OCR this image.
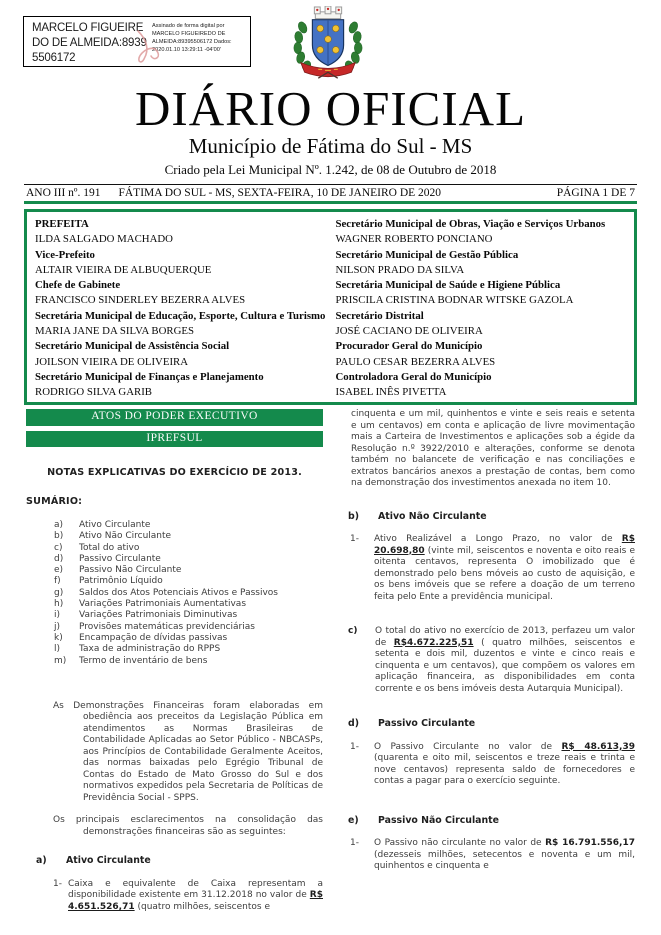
MARCELO FIGUEIREDO DE ALMEIDA:89395506172
Assinado de forma digital por MARCELO FIGUEIREDO DE ALMEIDA:89395506172 Dados: 2020.01.10 13:29:11 -04'00'
DIÁRIO OFICIAL
Município de Fátima do Sul - MS
Criado pela Lei Municipal Nº. 1.242, de 08 de Outubro de 2018
ANO III nº. 191 FÁTIMA DO SUL - MS, SEXTA-FEIRA, 10 DE JANEIRO DE 2020	PÁGINA 1 DE 7
PREFEITA
ILDA SALGADO MACHADO
Vice-Prefeito
ALTAIR VIEIRA DE ALBUQUERQUE
Chefe de Gabinete
FRANCISCO SINDERLEY BEZERRA ALVES
Secretária Municipal de Educação, Esporte, Cultura e Turismo
MARIA JANE DA SILVA BORGES
Secretário Municipal de Assistência Social
JOILSON VIEIRA DE OLIVEIRA
Secretário Municipal de Finanças e Planejamento
RODRIGO SILVA GARIB
Secretário Municipal de Obras, Viação e Serviços Urbanos
WAGNER ROBERTO PONCIANO
Secretário Municipal de Gestão Pública
NILSON PRADO DA SILVA
Secretária Municipal de Saúde e Higiene Pública
PRISCILA CRISTINA BODNAR WITSKE GAZOLA
Secretário Distrital
JOSÉ CACIANO DE OLIVEIRA
Procurador Geral do Município
PAULO CESAR BEZERRA ALVES
Controladora Geral do Município
ISABEL INÊS PIVETTA
ATOS DO PODER EXECUTIVO
IPREFSUL
NOTAS EXPLICATIVAS DO EXERCÍCIO DE 2013.
SUMÁRIO:
a)	Ativo Circulante
b)	Ativo Não Circulante
c)	Total do ativo
d)	Passivo Circulante
e)	Passivo Não Circulante
f)	Patrimônio Líquido
g)	Saldos dos Atos Potenciais Ativos e Passivos
h)	Variações Patrimoniais Aumentativas
i)	Variações Patrimoniais Diminutivas
j)	Provisões matemáticas previdenciárias
k)	Encampação de dívidas passivas
l)	Taxa de administração do RPPS
m)	Termo de inventário de bens
As Demonstrações Financeiras foram elaboradas em obediência aos preceitos da Legislação Pública em atendimentos as Normas Brasileiras de Contabilidade Aplicadas ao Setor Público - NBCASPs, aos Princípios de Contabilidade Geralmente Aceitos, das normas baixadas pelo Egrégio Tribunal de Contas do Estado de Mato Grosso do Sul e dos normativos expedidos pela Secretaria de Políticas de Previdência Social - SPPS.
Os principais esclarecimentos na consolidação das demonstrações financeiras são as seguintes:
a)	Ativo Circulante
1- Caixa e equivalente de Caixa representam a disponibilidade existente em 31.12.2018 no valor de R$ 4.651.526,71 (quatro milhões, seiscentos e
cinquenta e um mil, quinhentos e vinte e seis reais e setenta e um centavos) em conta e aplicação de livre movimentação mais a Carteira de Investimentos e aplicações sob a égide da Resolução n.º 3922/2010 e alterações, conforme se denota também no balancete de verificação e nas conciliações e extratos bancários anexos a prestação de contas, bem como na demonstração dos investimentos anexada no item 10.
b)	Ativo Não Circulante
1-	Ativo Realizável a Longo Prazo, no valor de R$ 20.698,80 (vinte mil, seiscentos e noventa e oito reais e oitenta centavos, representa O imobilizado que é demonstrado pelo bens móveis ao custo de aquisição, e os bens imóveis que se refere a doação de um terreno feita pelo Ente a previdência municipal.
c)	O total do ativo no exercício de 2013, perfazeu um valor de R$4.672.225,51 ( quatro milhões, seiscentos e setenta e dois mil, duzentos e vinte e cinco reais e cinquenta e um centavos), que compõem os valores em aplicação financeira, as disponibilidades em conta corrente e os bens imóveis desta Autarquia Municipal).
d)	Passivo Circulante
1-	O Passivo Circulante no valor de R$ 48.613,39 (quarenta e oito mil, seiscentos e treze reais e trinta e nove centavos) representa saldo de fornecedores e contas a pagar para o exercício seguinte.
e)	Passivo Não Circulante
1-	O Passivo não circulante no valor de R$ 16.791.556,17 (dezesseis milhões, setecentos e noventa e um mil, quinhentos e cinquenta e
